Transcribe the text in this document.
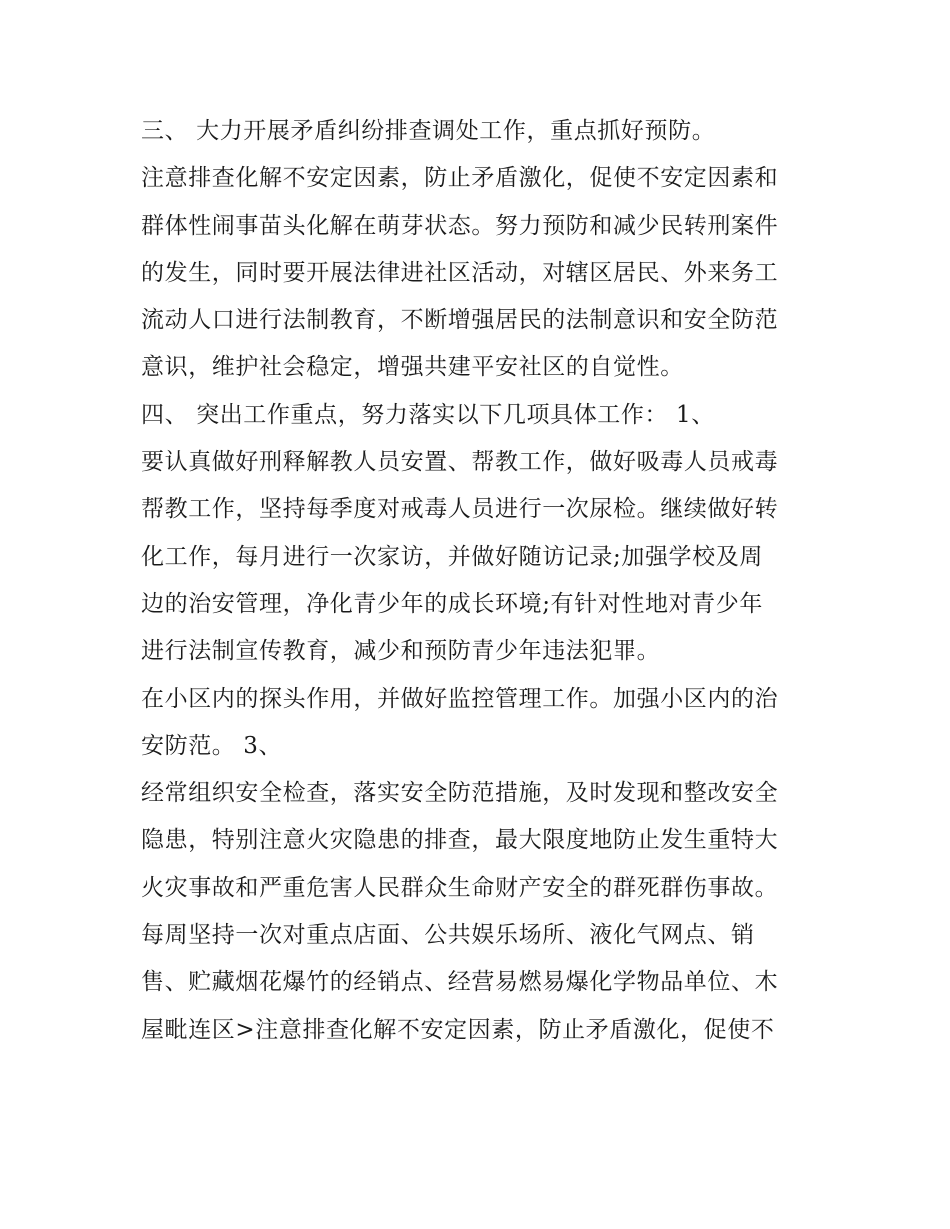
三、 大力开展矛盾纠纷排查调处工作，重点抓好预防。
注意排查化解不安定因素，防止矛盾激化，促使不安定因素和
群体性闹事苗头化解在萌芽状态。努力预防和减少民转刑案件
的发生，同时要开展法律进社区活动，对辖区居民、外来务工
流动人口进行法制教育，不断增强居民的法制意识和安全防范
意识，维护社会稳定，增强共建平安社区的自觉性。
四、 突出工作重点，努力落实以下几项具体工作： 1、
要认真做好刑释解教人员安置、帮教工作，做好吸毒人员戒毒
帮教工作，坚持每季度对戒毒人员进行一次尿检。继续做好转
化工作，每月进行一次家访，并做好随访记录;加强学校及周
边的治安管理，净化青少年的成长环境;有针对性地对青少年
进行法制宣传教育，减少和预防青少年违法犯罪。
在小区内的探头作用，并做好监控管理工作。加强小区内的治
安防范。 3、
经常组织安全检查，落实安全防范措施，及时发现和整改安全
隐患，特别注意火灾隐患的排查，最大限度地防止发生重特大
火灾事故和严重危害人民群众生命财产安全的群死群伤事故。
每周坚持一次对重点店面、公共娱乐场所、液化气网点、销
售、贮藏烟花爆竹的经销点、经营易燃易爆化学物品单位、木
屋毗连区>注意排查化解不安定因素，防止矛盾激化，促使不
